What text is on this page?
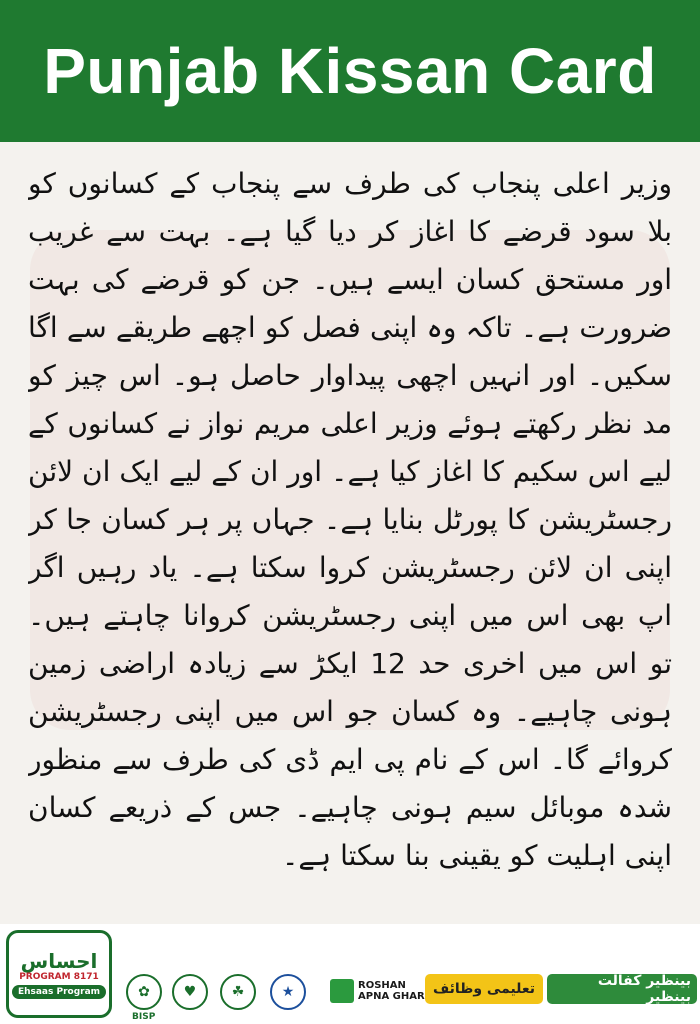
Punjab Kissan Card

وزیر اعلی پنجاب کی طرف سے پنجاب کے کسانوں کو بلا سود قرضے کا اغاز کر دیا گیا ہے۔ بہت سے غریب اور مستحق کسان ایسے ہیں۔ جن کو قرضے کی بہت ضرورت ہے۔ تاکہ وہ اپنی فصل کو اچھے طریقے سے اگا سکیں۔ اور انہیں اچھی پیداوار حاصل ہو۔ اس چیز کو مد نظر رکھتے ہوئے وزیر اعلی مریم نواز نے کسانوں کے لیے اس سکیم کا اغاز کیا ہے۔ اور ان کے لیے ایک ان لائن رجسٹریشن کا پورٹل بنایا ہے۔ جہاں پر ہر کسان جا کر اپنی ان لائن رجسٹریشن کروا سکتا ہے۔ یاد رہیں اگر اپ بھی اس میں اپنی رجسٹریشن کروانا چاہتے ہیں۔ تو اس میں اخری حد 12 ایکڑ سے زیادہ اراضی زمین ہونی چاہیے۔ وہ کسان جو اس میں اپنی رجسٹریشن کروائے گا۔ اس کے نام پی ایم ڈی کی طرف سے منظور شدہ موبائل سیم ہونی چاہیے۔ جس کے ذریعے کسان اپنی اہلیت کو یقینی بنا سکتا ہے۔

احساس
PROGRAM 8171
Ehsaas Program	✿
BISP
♥	☘	★	ROSHAN
APNA GHAR تعلیمی وظائف	بینظیر کفالت بینظیر
